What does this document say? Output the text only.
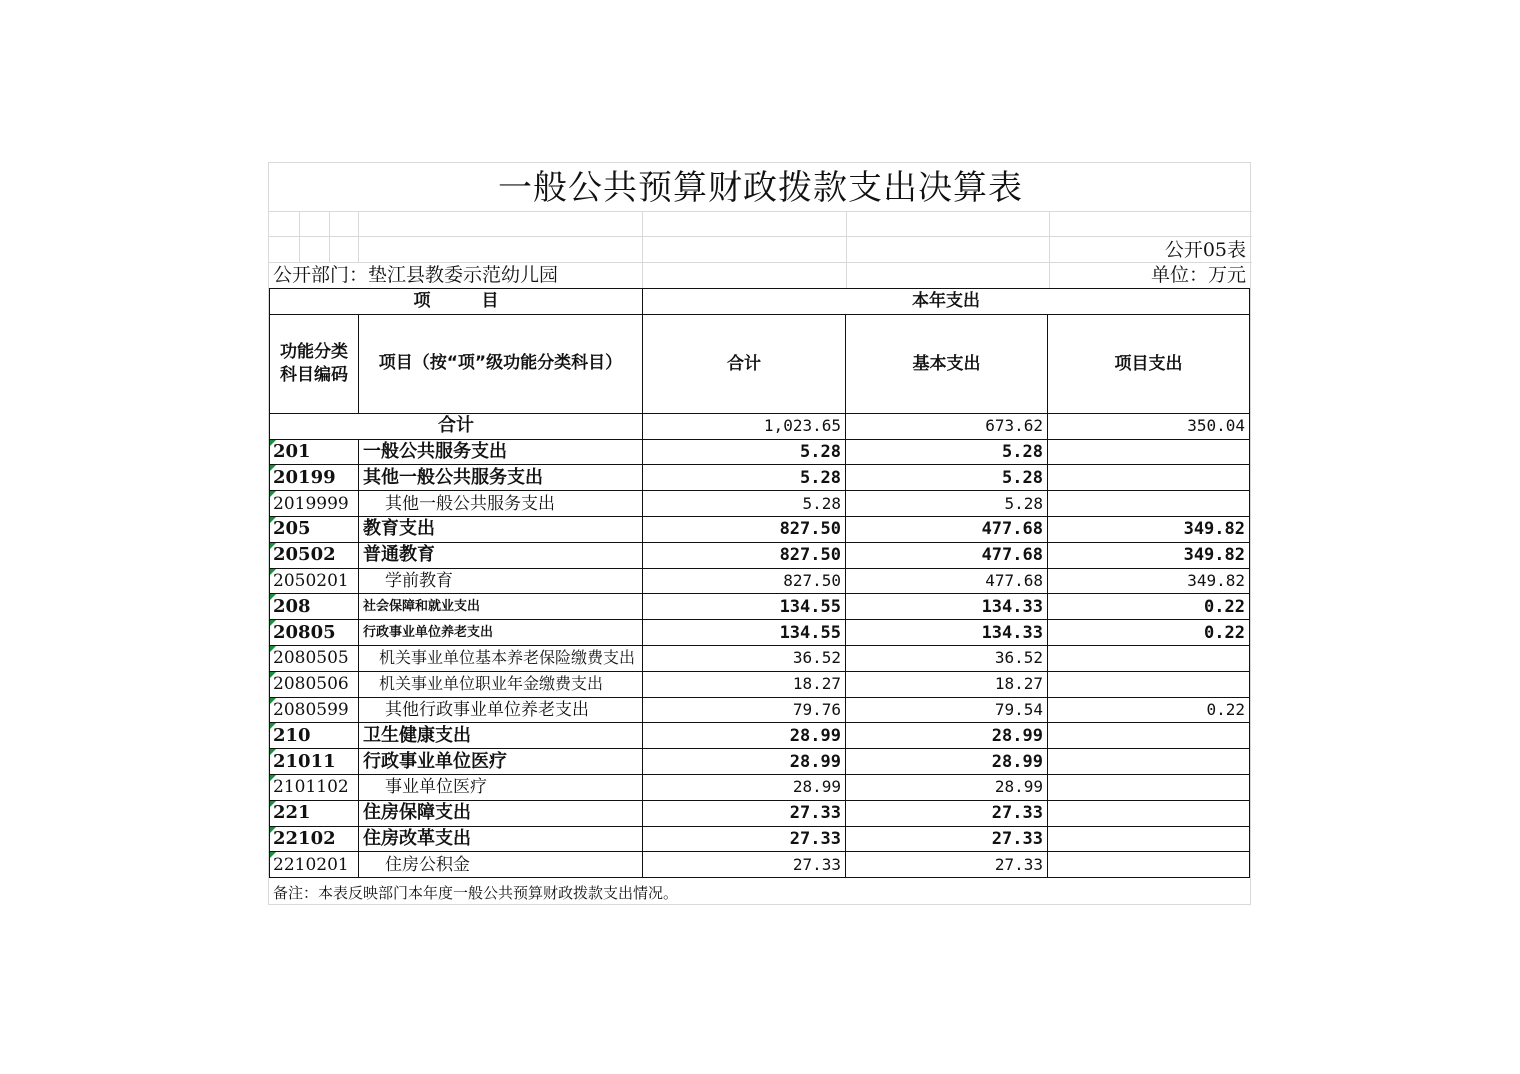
一般公共预算财政拨款支出决算表
公开05表
公开部门：垫江县教委示范幼儿园	单位：万元
项　　　目		本年支出		
功能分类科目编码	项目（按“项”级功能分类科目）	合计	基本支出	项目支出
合计		1,023.65	673.62	350.04
201	一般公共服务支出	5.28	5.28	
20199	其他一般公共服务支出	5.28	5.28	
2019999	其他一般公共服务支出	5.28	5.28	
205	教育支出	827.50	477.68	349.82
20502	普通教育	827.50	477.68	349.82
2050201	学前教育	827.50	477.68	349.82
208	社会保障和就业支出	134.55	134.33	0.22
20805	行政事业单位养老支出	134.55	134.33	0.22
2080505	机关事业单位基本养老保险缴费支出	36.52	36.52	
2080506	机关事业单位职业年金缴费支出	18.27	18.27	
2080599	其他行政事业单位养老支出	79.76	79.54	0.22
210	卫生健康支出	28.99	28.99	
21011	行政事业单位医疗	28.99	28.99	
2101102	事业单位医疗	28.99	28.99	
221	住房保障支出	27.33	27.33	
22102	住房改革支出	27.33	27.33	
2210201	住房公积金	27.33	27.33	
备注：本表反映部门本年度一般公共预算财政拨款支出情况。
